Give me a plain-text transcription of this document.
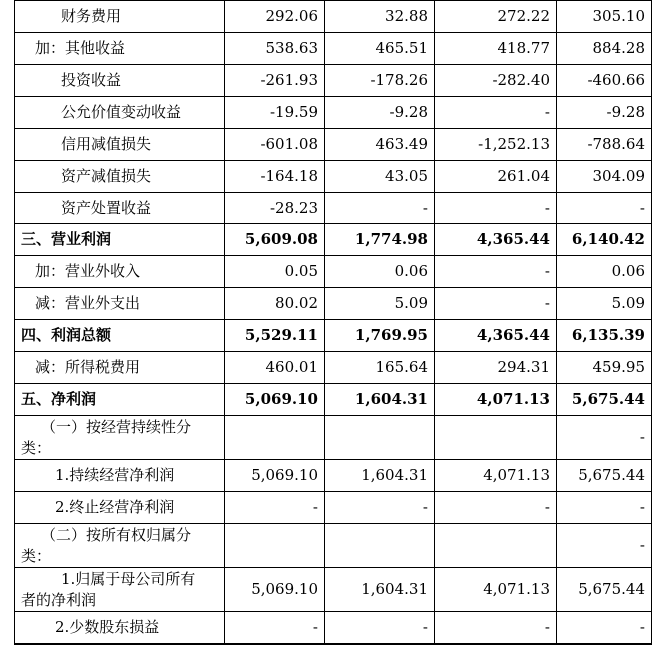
财务费用	292.06	32.88	272.22	305.10
加：其他收益	538.63	465.51	418.77	884.28
投资收益	-261.93	-178.26	-282.40	-460.66
公允价值变动收益	-19.59	-9.28	-	-9.28
信用减值损失	-601.08	463.49	-1,252.13	-788.64
资产减值损失	-164.18	43.05	261.04	304.09
资产处置收益	-28.23	-	-	-
三、营业利润	5,609.08	1,774.98	4,365.44	6,140.42
加：营业外收入	0.05	0.06	-	0.06
减：营业外支出	80.02	5.09	-	5.09
四、利润总额	5,529.11	1,769.95	4,365.44	6,135.39
减：所得税费用	460.01	165.64	294.31	459.95
五、净利润	5,069.10	1,604.31	4,071.13	5,675.44

（一）按经营持续性分
类：				-
1.持续经营净利润	5,069.10	1,604.31	4,071.13	5,675.44
2.终止经营净利润	-	-	-	-

（二）按所有权归属分
类：				-

1.归属于母公司所有
者的净利润	5,069.10	1,604.31	4,071.13	5,675.44
2.少数股东损益	-	-	-	-
